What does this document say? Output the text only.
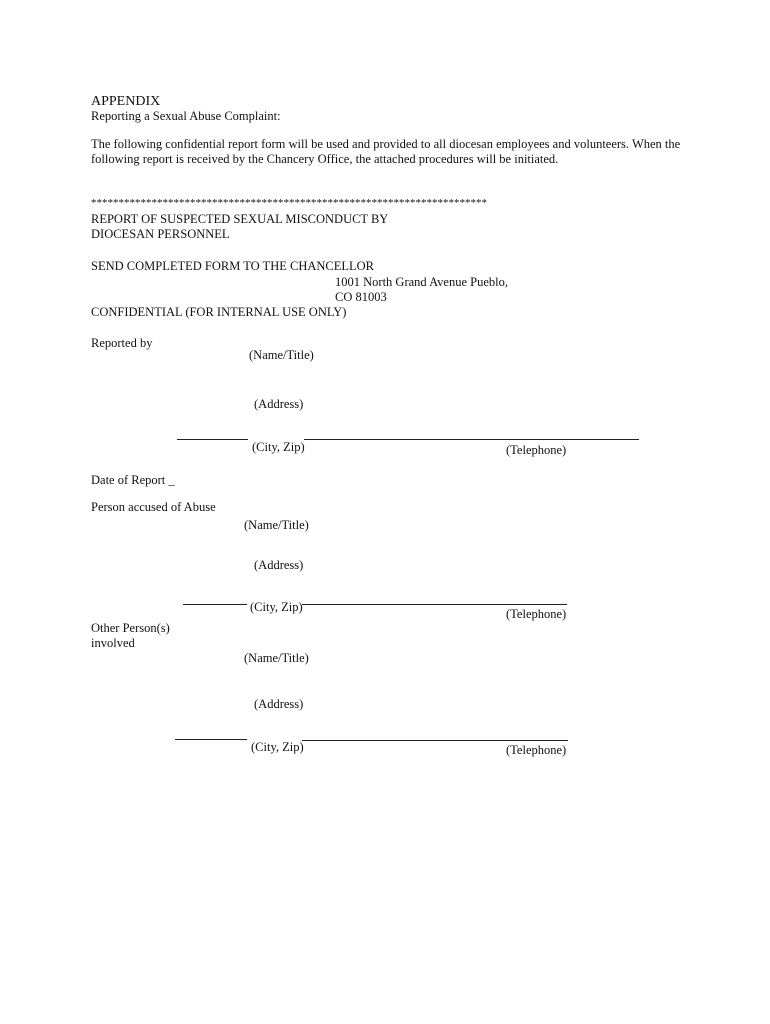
APPENDIX
Reporting a Sexual Abuse Complaint:
The following confidential report form will be used and provided to all diocesan employees and volunteers. When the
following report is received by the Chancery Office, the attached procedures will be initiated.
************************************************************************
REPORT OF SUSPECTED SEXUAL MISCONDUCT BY
DIOCESAN PERSONNEL
SEND COMPLETED FORM TO THE CHANCELLOR
1001 North Grand Avenue Pueblo,
CO 81003
CONFIDENTIAL (FOR INTERNAL USE ONLY)
Reported by
(Name/Title)
(Address)
(City, Zip)	(Telephone)
Date of Report _
Person accused of Abuse
(Name/Title)
(Address)
(City, Zip)	(Telephone)
Other Person(s)
involved
(Name/Title)
(Address)
(City, Zip)	(Telephone)
